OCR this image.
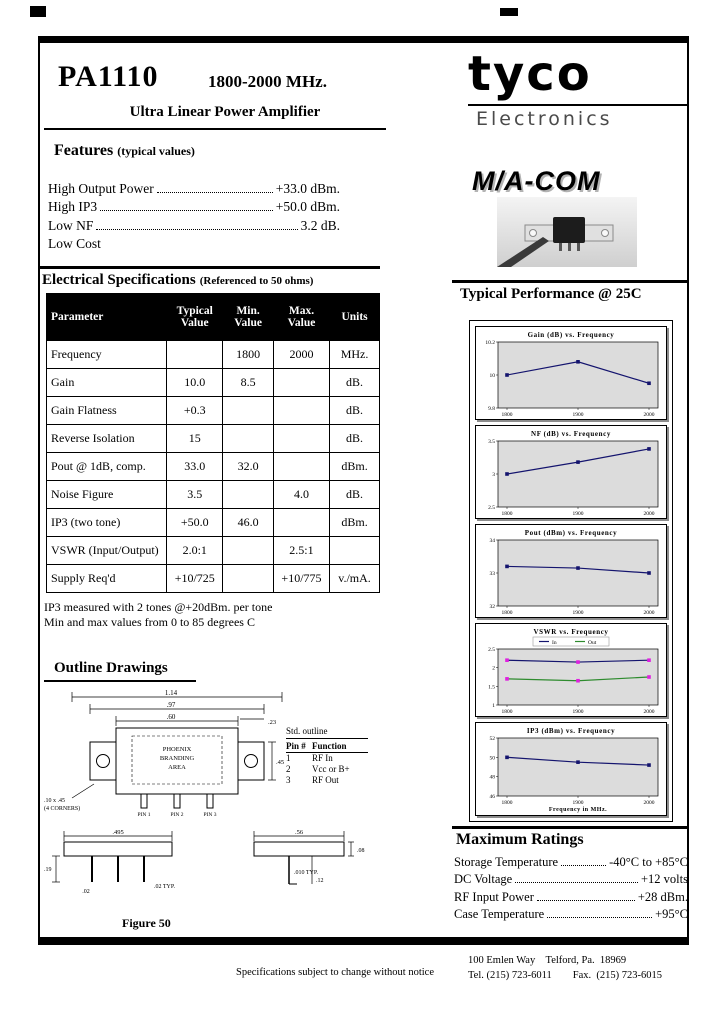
PA1110	1800-2000 MHz.
Ultra Linear Power Amplifier
Features (typical values)
High Output Power	+33.0 dBm.
High IP3	+50.0 dBm.
Low NF	3.2 dB.
Low Cost
Electrical Specifications (Referenced to 50 ohms)
Parameter	Typical Value	Min. Value	Max. Value	Units
Frequency		1800	2000	MHz.
Gain	10.0	8.5		dB.
Gain Flatness	+0.3			dB.
Reverse Isolation	15			dB.
Pout @ 1dB, comp.	33.0	32.0		dBm.
Noise Figure	3.5		4.0	dB.
IP3 (two tone)	+50.0	46.0		dBm.
VSWR (Input/Output)	2.0:1		2.5:1	
Supply Req'd	+10/725		+10/775	v./mA.
IP3 measured with 2 tones @+20dBm. per tone
Min and max values from 0 to 85 degrees C
Outline Drawings
1.14
.97
.60
.23
.45
PHOENIX
BRANDING
AREA
PIN 1	PIN 2	PIN 3
.10 x .45
(4 CORNERS)
.495
.19
.02
.02 TYP.
.56
.08
.010 TYP.
.12
Std. outline
Pin # Function
1	RF In
2	Vcc or B+
3	RF Out
Figure 50
tyco
Electronics
M/A-COM
Typical Performance @ 25C
Gain (dB) vs. Frequency
10.2
10
9.8
1800	1900	2000
NF (dB) vs. Frequency
3.5
3
2.5
1800	1900	2000
Pout (dBm) vs. Frequency
34
33
32
1800	1900	2000
VSWR vs. Frequency
In	Out
2.5
2
1.5
1
1800	1900	2000
IP3 (dBm) vs. Frequency
52
50
48
46
1800	1900	2000
Frequency in MHz.
Maximum Ratings
Storage Temperature	-40°C to +85°C
DC Voltage	+12 volts
RF Input Power	+28 dBm.
Case Temperature	+95°C
Specifications subject to change without notice
100 Emlen Way    Telford, Pa.  18969
Tel. (215) 723-6011        Fax.  (215) 723-6015
